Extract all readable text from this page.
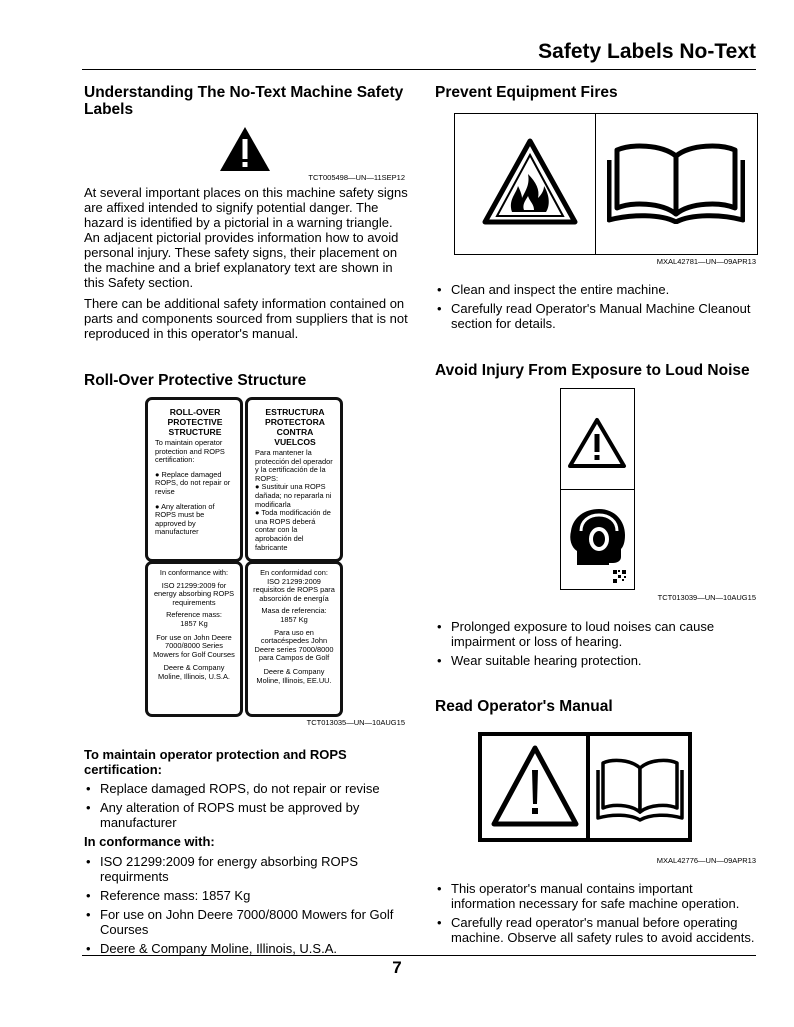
Safety Labels No-Text
7
Understanding The No-Text Machine Safety Labels
TCT005498—UN—11SEP12

At several important places on this machine safety signs are affixed intended to signify potential danger. The hazard is identified by a pictorial in a warning triangle. An adjacent pictorial provides information how to avoid personal injury. These safety signs, their placement on the machine and a brief explanatory text are shown in this Safety section.

There can be additional safety information contained on parts and components sourced from suppliers that is not reproduced in this operator's manual.

Roll-Over Protective Structure
ROLL-OVER PROTECTIVE STRUCTURE
To maintain operator protection and ROPS certification:
● Replace damaged ROPS, do not repair or revise
● Any alteration of ROPS must be approved by manufacturer
ESTRUCTURA PROTECTORA CONTRA VUELCOS
Para mantener la protección del operador y la certificación de la ROPS:
● Sustituir una ROPS dañada; no repararla ni modificarla
● Toda modificación de una ROPS deberá contar con la aprobación del fabricante
In conformance with:
ISO 21299:2009 for energy absorbing ROPS requirements
Reference mass:
1857 Kg
For use on John Deere 7000/8000 Series Mowers for Golf Courses
Deere & Company Moline, Illinois, U.S.A.
En conformidad con:
ISO 21299:2009 requisitos de ROPS para absorción de energía
Masa de referencia:
1857 Kg
Para uso en cortacéspedes John Deere series 7000/8000 para Campos de Golf
Deere & Company Moline, Illinois, EE.UU.
TCT013035—UN—10AUG15

To maintain operator protection and ROPS certification:

• Replace damaged ROPS, do not repair or revise
• Any alteration of ROPS must be approved by manufacturer

In conformance with:

• ISO 21299:2009 for energy absorbing ROPS requirments
• Reference mass: 1857 Kg
• For use on John Deere 7000/8000 Mowers for Golf Courses
• Deere & Company Moline, Illinois, U.S.A.
Prevent Equipment Fires
MXAL42781—UN—09APR13
• Clean and inspect the entire machine.
• Carefully read Operator's Manual Machine Cleanout section for details.
Avoid Injury From Exposure to Loud Noise
TCT013039—UN—10AUG15
• Prolonged exposure to loud noises can cause impairment or loss of hearing.
• Wear suitable hearing protection.
Read Operator's Manual
MXAL42776—UN—09APR13
• This operator's manual contains important information necessary for safe machine operation.
• Carefully read operator's manual before operating machine. Observe all safety rules to avoid accidents.
